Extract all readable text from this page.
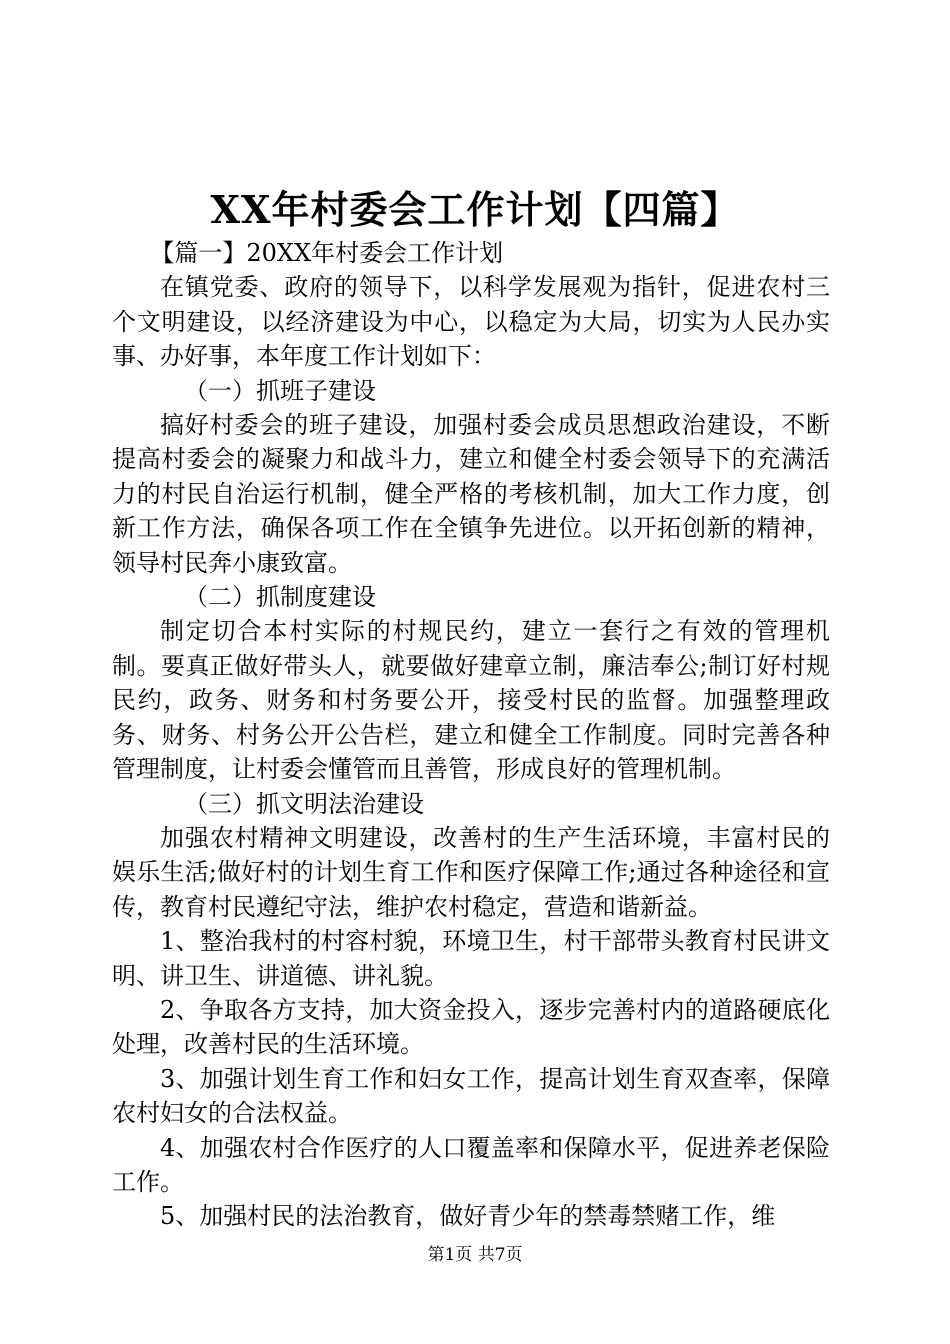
XX年村委会工作计划【四篇】

【篇一】20XX年村委会工作计划

在镇党委、政府的领导下，以科学发展观为指针，促进农村三个文明建设，以经济建设为中心，以稳定为大局，切实为人民办实事、办好事，本年度工作计划如下：

（一）抓班子建设

搞好村委会的班子建设，加强村委会成员思想政治建设，不断提高村委会的凝聚力和战斗力，建立和健全村委会领导下的充满活力的村民自治运行机制，健全严格的考核机制，加大工作力度，创新工作方法，确保各项工作在全镇争先进位。以开拓创新的精神，领导村民奔小康致富。

（二）抓制度建设

制定切合本村实际的村规民约，建立一套行之有效的管理机制。要真正做好带头人，就要做好建章立制，廉洁奉公;制订好村规民约，政务、财务和村务要公开，接受村民的监督。加强整理政务、财务、村务公开公告栏，建立和健全工作制度。同时完善各种管理制度，让村委会懂管而且善管，形成良好的管理机制。

（三）抓文明法治建设

加强农村精神文明建设，改善村的生产生活环境，丰富村民的娱乐生活;做好村的计划生育工作和医疗保障工作;通过各种途径和宣传，教育村民遵纪守法，维护农村稳定，营造和谐新益。

1、整治我村的村容村貌，环境卫生，村干部带头教育村民讲文明、讲卫生、讲道德、讲礼貌。

2、争取各方支持，加大资金投入，逐步完善村内的道路硬底化处理，改善村民的生活环境。

3、加强计划生育工作和妇女工作，提高计划生育双查率，保障农村妇女的合法权益。

4、加强农村合作医疗的人口覆盖率和保障水平，促进养老保险工作。

5、加强村民的法治教育，做好青少年的禁毒禁赌工作，维

第1页 共7页
